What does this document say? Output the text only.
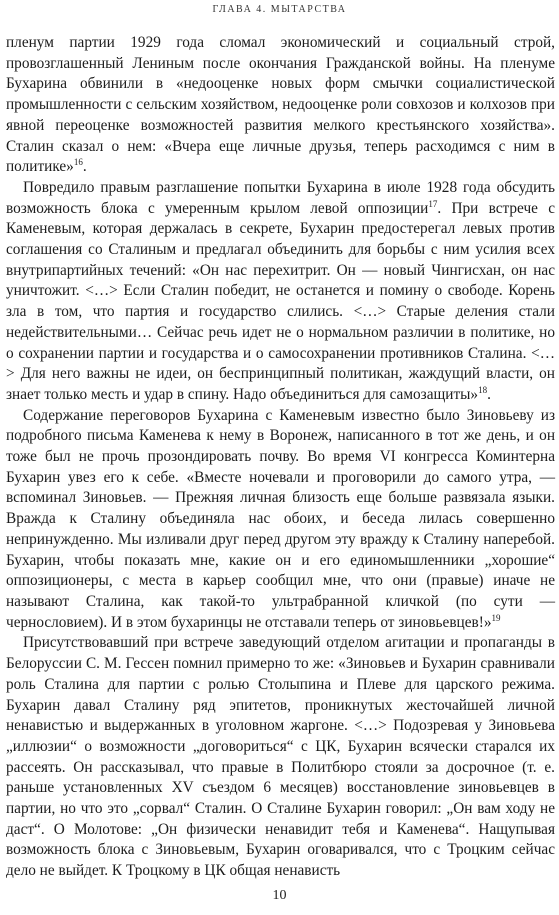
ГЛАВА 4. МЫТАРСТВА

пленум партии 1929 года сломал экономический и социальный строй, провозглашенный Лениным после окончания Гражданской войны. На пленуме Бухарина обвинили в «недооценке новых форм смычки социалистической промышленности с сельским хозяйством, недооценке роли совхозов и колхозов при явной переоценке возможностей развития мелкого крестьянского хозяйства». Сталин сказал о нем: «Вчера еще личные друзья, теперь расходимся с ним в политике»$^{16}$.

Повредило правым разглашение попытки Бухарина в июле 1928 года обсудить возможность блока с умеренным крылом левой оппозиции$^{17}$. При встрече с Каменевым, которая держалась в секрете, Бухарин предостерегал левых против соглашения со Сталиным и предлагал объединить для борьбы с ним усилия всех внутрипартийных течений: «Он нас перехитрит. Он — новый Чингисхан, он нас уничтожит. <…> Если Сталин победит, не останется и помину о свободе. Корень зла в том, что партия и государство слились. <…> Старые деления стали недействительными… Сейчас речь идет не о нормальном различии в политике, но о сохранении партии и государства и о самосохранении противников Сталина. <…> Для него важны не идеи, он беспринципный политикан, жаждущий власти, он знает только месть и удар в спину. Надо объединиться для самозащиты»$^{18}$.

Содержание переговоров Бухарина с Каменевым известно было Зиновьеву из подробного письма Каменева к нему в Воронеж, написанного в тот же день, и он тоже был не прочь прозондировать почву. Во время VI конгресса Коминтерна Бухарин увез его к себе. «Вместе ночевали и проговорили до самого утра, — вспоминал Зиновьев. — Прежняя личная близость еще больше развязала языки. Вражда к Сталину объединяла нас обоих, и беседа лилась совершенно непринужденно. Мы изливали друг перед другом эту вражду к Сталину наперебой. Бухарин, чтобы показать мне, какие он и его единомышленники „хорошие“ оппозиционеры, с места в карьер сообщил мне, что они (правые) иначе не называют Сталина, как такой-то ультрабранной кличкой (по сути — чернословием). И в этом бухаринцы не отставали теперь от зиновьевцев!»$^{19}$

Присутствовавший при встрече заведующий отделом агитации и пропаганды в Белоруссии С. М. Гессен помнил примерно то же: «Зиновьев и Бухарин сравнивали роль Сталина для партии с ролью Столыпина и Плеве для царского режима. Бухарин давал Сталину ряд эпитетов, проникнутых жесточайшей личной ненавистью и выдержанных в уголовном жаргоне. <…> Подозревая у Зиновьева „иллюзии“ о возможности „договориться“ с ЦК, Бухарин всячески старался их рассеять. Он рассказывал, что правые в Политбюро стояли за досрочное (т. е. раньше установленных XV съездом 6 месяцев) восстановление зиновьевцев в партии, но что это „сорвал“ Сталин. О Сталине Бухарин говорил: „Он вам ходу не даст“. О Молотове: „Он физически ненавидит тебя и Каменева“. Нащупывая возможность блока с Зиновьевым, Бухарин оговаривался, что с Троцким сейчас дело не выйдет. К Троцкому в ЦК общая ненависть

10
